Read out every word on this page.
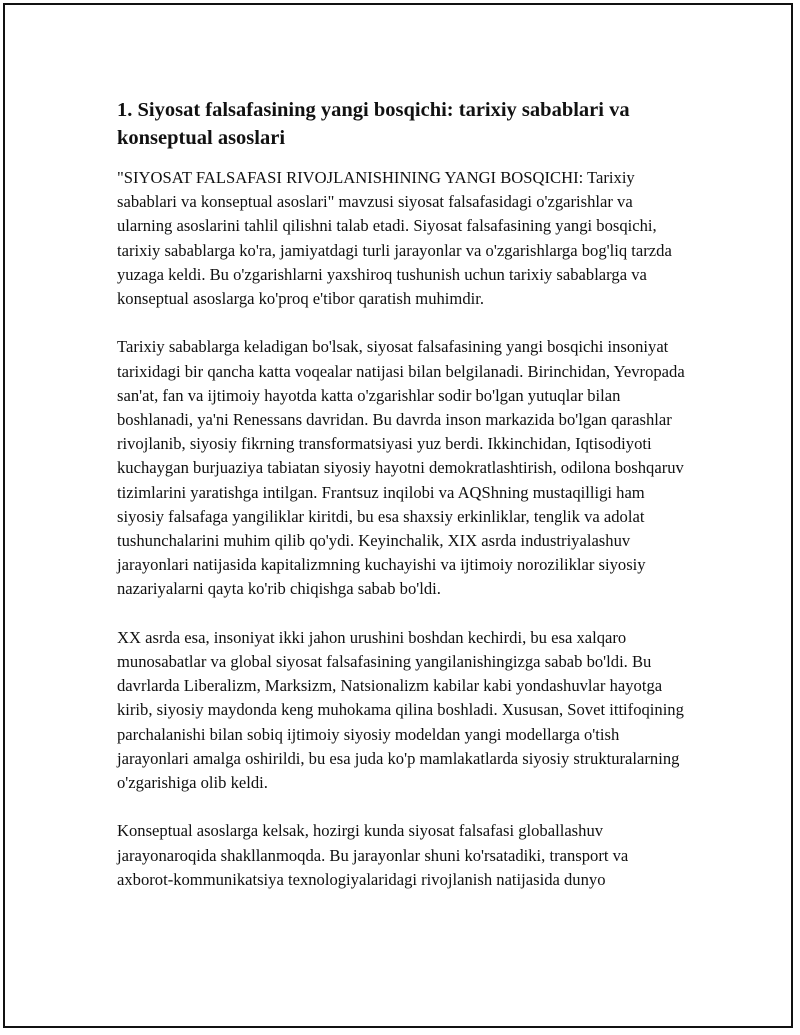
1. Siyosat falsafasining yangi bosqichi: tarixiy sabablari va konseptual asoslari

"SIYOSAT FALSAFASI RIVOJLANISHINING YANGI BOSQICHI: Tarixiy sabablari va konseptual asoslari" mavzusi siyosat falsafasidagi o'zgarishlar va ularning asoslarini tahlil qilishni talab etadi. Siyosat falsafasining yangi bosqichi, tarixiy sabablarga ko'ra, jamiyatdagi turli jarayonlar va o'zgarishlarga bog'liq tarzda yuzaga keldi. Bu o'zgarishlarni yaxshiroq tushunish uchun tarixiy sabablarga va konseptual asoslarga ko'proq e'tibor qaratish muhimdir.

Tarixiy sabablarga keladigan bo'lsak, siyosat falsafasining yangi bosqichi insoniyat tarixidagi bir qancha katta voqealar natijasi bilan belgilanadi. Birinchidan, Yevropada san'at, fan va ijtimoiy hayotda katta o'zgarishlar sodir bo'lgan yutuqlar bilan boshlanadi, ya'ni Renessans davridan. Bu davrda inson markazida bo'lgan qarashlar rivojlanib, siyosiy fikrning transformatsiyasi yuz berdi. Ikkinchidan, Iqtisodiyoti kuchaygan burjuaziya tabiatan siyosiy hayotni demokratlashtirish, odilona boshqaruv tizimlarini yaratishga intilgan. Frantsuz inqilobi va AQShning mustaqilligi ham siyosiy falsafaga yangiliklar kiritdi, bu esa shaxsiy erkinliklar, tenglik va adolat tushunchalarini muhim qilib qo'ydi. Keyinchalik, XIX asrda industriyalashuv jarayonlari natijasida kapitalizmning kuchayishi va ijtimoiy noroziliklar siyosiy nazariyalarni qayta ko'rib chiqishga sabab bo'ldi.

XX asrda esa, insoniyat ikki jahon urushini boshdan kechirdi, bu esa xalqaro munosabatlar va global siyosat falsafasining yangilanishingizga sabab bo'ldi. Bu davrlarda Liberalizm, Marksizm, Natsionalizm kabilar kabi yondashuvlar hayotga kirib, siyosiy maydonda keng muhokama qilina boshladi. Xususan, Sovet ittifoqining parchalanishi bilan sobiq ijtimoiy siyosiy modeldan yangi modellarga o'tish jarayonlari amalga oshirildi, bu esa juda ko'p mamlakatlarda siyosiy strukturalarning o'zgarishiga olib keldi.

Konseptual asoslarga kelsak, hozirgi kunda siyosat falsafasi globallashuv jarayonaroqida shakllanmoqda. Bu jarayonlar shuni ko'rsatadiki, transport va axborot-kommunikatsiya texnologiyalaridagi rivojlanish natijasida dunyo
